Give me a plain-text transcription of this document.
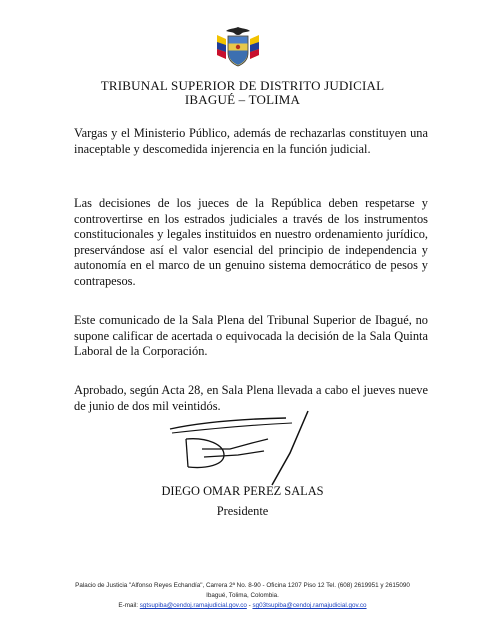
TRIBUNAL SUPERIOR DE DISTRITO JUDICIAL
IBAGUÉ – TOLIMA
Vargas y el Ministerio Público, además de rechazarlas constituyen una inaceptable y descomedida injerencia en la función judicial.
Las decisiones de los jueces de la República deben respetarse y controvertirse en los estrados judiciales a través de los instrumentos constitucionales y legales instituidos en nuestro ordenamiento jurídico, preservándose así el valor esencial del principio de independencia y autonomía en el marco de un genuino sistema democrático de pesos y contrapesos.
Este comunicado de la Sala Plena del Tribunal Superior de Ibagué, no supone calificar de acertada o equivocada la decisión de la Sala Quinta Laboral de la Corporación.
Aprobado, según Acta 28, en Sala Plena llevada a cabo el jueves nueve de junio de dos mil veintidós.
DIEGO OMAR PEREZ SALAS
Presidente
Palacio de Justicia "Alfonso Reyes Echandía", Carrera 2ª No. 8-90 - Oficina 1207 Piso 12 Tel. (608) 2619951 y 2615090
Ibagué, Tolima, Colombia.
E-mail: sgtsupiba@cendoj.ramajudicial.gov.co - sg03tsupiba@cendoj.ramajudicial.gov.co
